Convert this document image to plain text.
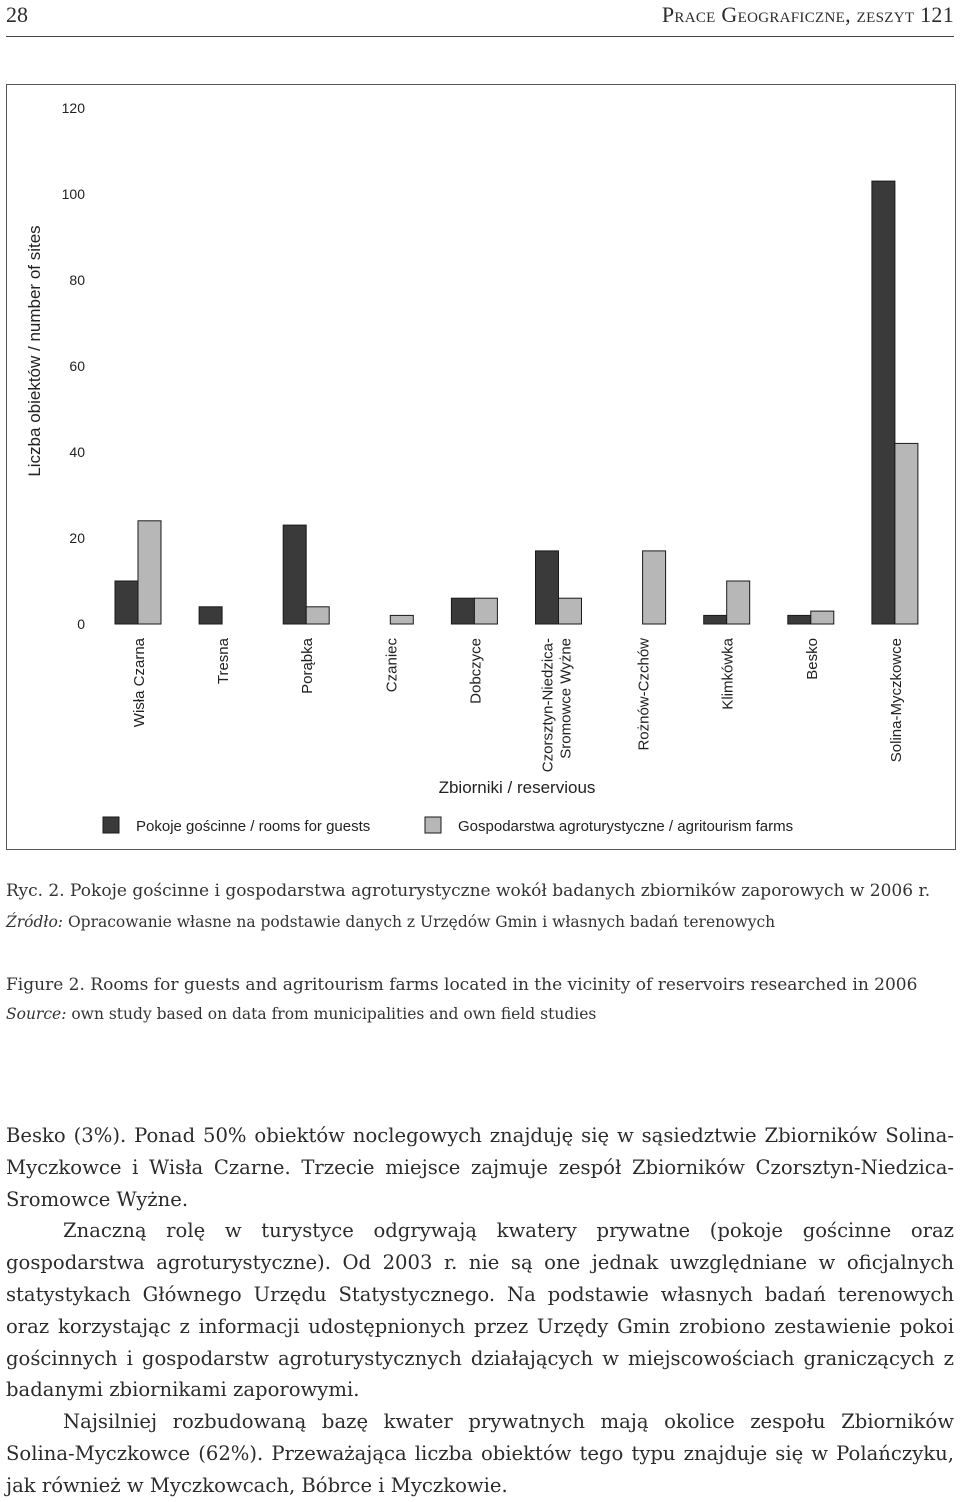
28	Prace Geograficzne, zeszyt 121
0
20
40
60
80
100
120
Liczba obiektów / number of sites
Wisła Czarna	Tresna	Porąbka	Czaniec	Dobczyce	Czorsztyn-Niedzica-Sromowce Wyżne	Rożnów-Czchów	Klimkówka	Besko	Solina-Myczkowce
Zbiorniki / reservious
Pokoje gościnne / rooms for guests	Gospodarstwa agroturystyczne / agritourism farms
Ryc. 2. Pokoje gościnne i gospodarstwa agroturystyczne wokół badanych zbiorników zaporowych w 2006 r.
Źródło: Opracowanie własne na podstawie danych z Urzędów Gmin i własnych badań terenowych
Figure 2. Rooms for guests and agritourism farms located in the vicinity of reservoirs researched in 2006
Source: own study based on data from municipalities and own field studies

Besko (3%). Ponad 50% obiektów noclegowych znajduję się w sąsiedztwie Zbiorników Solina-Myczkowce i Wisła Czarne. Trzecie miejsce zajmuje zespół Zbiorników Czorsztyn-Niedzica-Sromowce Wyżne.

Znaczną rolę w turystyce odgrywają kwatery prywatne (pokoje gościnne oraz gospodarstwa agroturystyczne). Od 2003 r. nie są one jednak uwzględniane w oficjalnych statystykach Głównego Urzędu Statystycznego. Na podstawie własnych badań terenowych oraz korzystając z informacji udostępnionych przez Urzędy Gmin zrobiono zestawienie pokoi gościnnych i gospodarstw agroturystycznych działających w miejscowościach graniczących z badanymi zbiornikami zaporowymi.

Najsilniej rozbudowaną bazę kwater prywatnych mają okolice zespołu Zbiorników Solina-Myczkowce (62%). Przeważająca liczba obiektów tego typu znajduje się w Polańczyku, jak również w Myczkowcach, Bóbrce i Myczkowie.
